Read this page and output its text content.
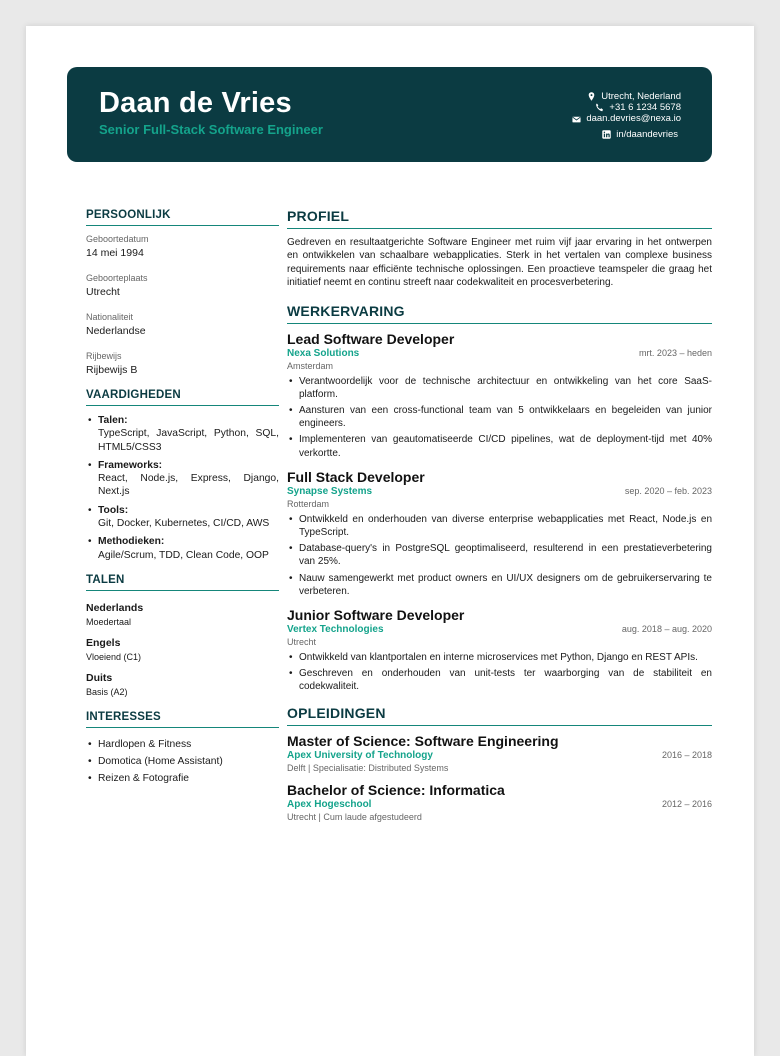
Daan de Vries
Senior Full-Stack Software Engineer
Utrecht, Nederland
+31 6 1234 5678
daan.devries@nexa.io
in/daandevries
PERSOONLIJK
Geboortedatum
14 mei 1994
Geboorteplaats
Utrecht
Nationaliteit
Nederlandse
Rijbewijs
Rijbewijs B
VAARDIGHEDEN
• Talen:
TypeScript, JavaScript, Python, SQL, HTML5/CSS3
• Frameworks:
React, Node.js, Express, Django, Next.js
• Tools:
Git, Docker, Kubernetes, CI/CD, AWS
• Methodieken:
Agile/Scrum, TDD, Clean Code, OOP
TALEN
Nederlands
Moedertaal
Engels
Vloeiend (C1)
Duits
Basis (A2)
INTERESSES
• Hardlopen & Fitness
• Domotica (Home Assistant)
• Reizen & Fotografie
PROFIEL
Gedreven en resultaatgerichte Software Engineer met ruim vijf jaar ervaring in het ontwerpen en ontwikkelen van schaalbare webapplicaties. Sterk in het vertalen van complexe business requirements naar efficiënte technische oplossingen. Een proactieve teamspeler die graag het initiatief neemt en continu streeft naar codekwaliteit en procesverbetering.
WERKERVARING
Lead Software Developer
Nexa Solutions	mrt. 2023 – heden
Amsterdam
• Verantwoordelijk voor de technische architectuur en ontwikkeling van het core SaaS-platform.
• Aansturen van een cross-functional team van 5 ontwikkelaars en begeleiden van junior engineers.
• Implementeren van geautomatiseerde CI/CD pipelines, wat de deployment-tijd met 40% verkortte.
Full Stack Developer
Synapse Systems	sep. 2020 – feb. 2023
Rotterdam
• Ontwikkeld en onderhouden van diverse enterprise webapplicaties met React, Node.js en TypeScript.
• Database-query's in PostgreSQL geoptimaliseerd, resulterend in een prestatieverbetering van 25%.
• Nauw samengewerkt met product owners en UI/UX designers om de gebruikerservaring te verbeteren.
Junior Software Developer
Vertex Technologies	aug. 2018 – aug. 2020
Utrecht
• Ontwikkeld van klantportalen en interne microservices met Python, Django en REST APIs.
• Geschreven en onderhouden van unit-tests ter waarborging van de stabiliteit en codekwaliteit.
OPLEIDINGEN
Master of Science: Software Engineering
Apex University of Technology	2016 – 2018
Delft | Specialisatie: Distributed Systems
Bachelor of Science: Informatica
Apex Hogeschool	2012 – 2016
Utrecht | Cum laude afgestudeerd
